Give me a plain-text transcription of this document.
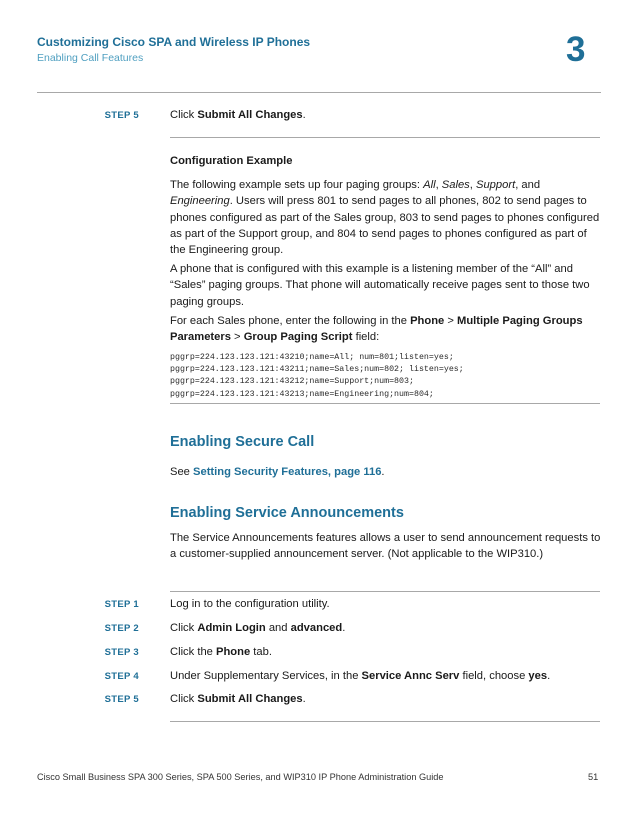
Customizing Cisco SPA and Wireless IP Phones
Enabling Call Features	3
STEP 5	Click Submit All Changes.
Configuration Example
The following example sets up four paging groups: All, Sales, Support, and Engineering. Users will press 801 to send pages to all phones, 802 to send pages to phones configured as part of the Sales group, 803 to send pages to phones configured as part of the Support group, and 804 to send pages to phones configured as part of the Engineering group.
A phone that is configured with this example is a listening member of the “All” and “Sales” paging groups. That phone will automatically receive pages sent to those two paging groups.
For each Sales phone, enter the following in the Phone > Multiple Paging Groups Parameters > Group Paging Script field:
pggrp=224.123.123.121:43210;name=All; num=801;listen=yes;
pggrp=224.123.123.121:43211;name=Sales;num=802; listen=yes;
pggrp=224.123.123.121:43212;name=Support;num=803;
pggrp=224.123.123.121:43213;name=Engineering;num=804;
Enabling Secure Call
See Setting Security Features, page 116.
Enabling Service Announcements
The Service Announcements features allows a user to send announcement requests to a customer-supplied announcement server. (Not applicable to the WIP310.)
STEP 1	Log in to the configuration utility.
STEP 2	Click Admin Login and advanced.
STEP 3	Click the Phone tab.
STEP 4	Under Supplementary Services, in the Service Annc Serv field, choose yes.
STEP 5	Click Submit All Changes.
Cisco Small Business SPA 300 Series, SPA 500 Series, and WIP310 IP Phone Administration Guide	51
